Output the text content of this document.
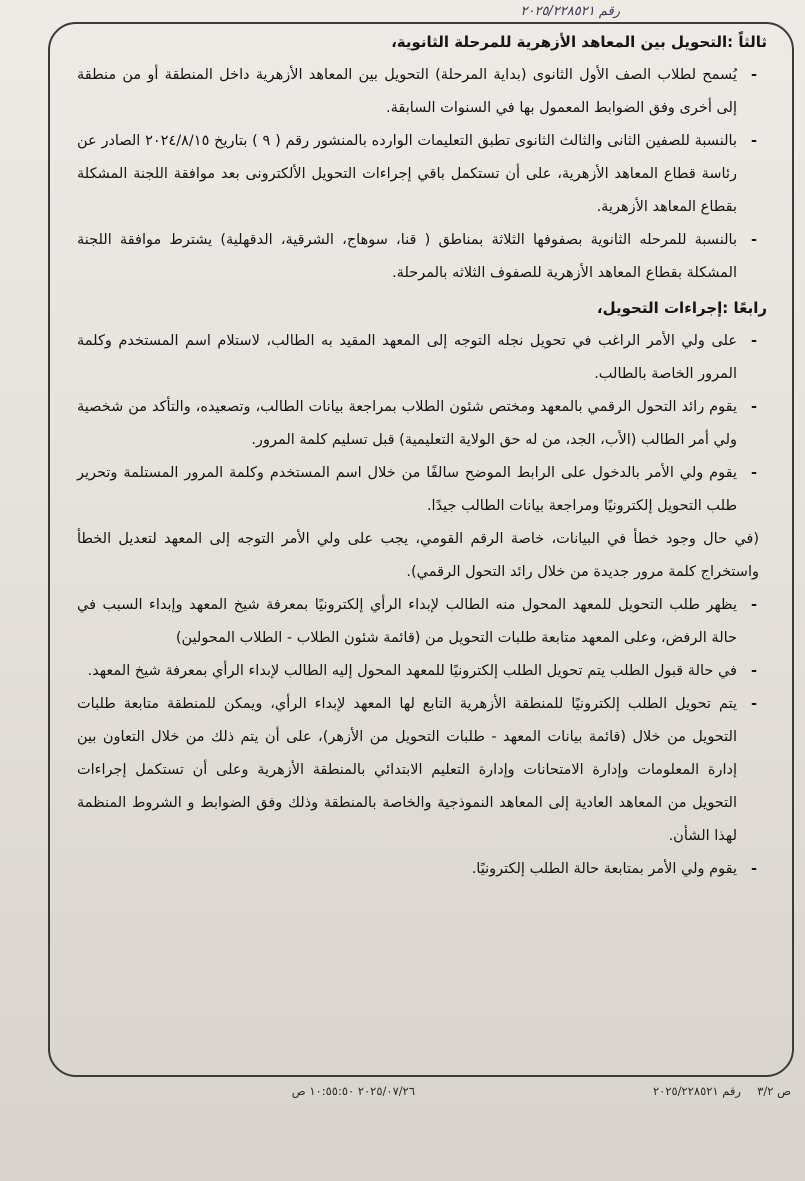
رقم ٢٠٢٥/٢٢٨٥٢١

ثالثاً :التحويل بين المعاهد الأزهرية للمرحلة الثانوية،

-
يُسمح لطلاب الصف الأول الثانوى (بداية المرحلة) التحويل بين المعاهد الأزهرية داخل المنطقة أو من منطقة إلى أخرى وفق الضوابط المعمول بها في السنوات السابقة.

-
بالنسبة للصفين الثانى والثالث الثانوى تطبق التعليمات الوارده بالمنشور رقم ( ٩ ) بتاريخ ٢٠٢٤/٨/١٥ الصادر عن رئاسة قطاع المعاهد الأزهرية، على أن تستكمل باقي إجراءات التحويل الألكترونى بعد موافقة اللجنة المشكلة بقطاع المعاهد الأزهرية.

-
بالنسبة للمرحله الثانوية بصفوفها الثلاثة بمناطق ( قنا، سوهاج، الشرقية، الدقهلية) يشترط موافقة اللجنة المشكلة بقطاع المعاهد الأزهرية للصفوف الثلاثه بالمرحلة.

رابعًا :إجراءات التحويل،

-
على ولي الأمر الراغب في تحويل نجله التوجه إلى المعهد المقيد به الطالب، لاستلام اسم المستخدم وكلمة المرور الخاصة بالطالب.

-
يقوم رائد التحول الرقمي بالمعهد ومختص شئون الطلاب بمراجعة بيانات الطالب، وتصعيده، والتأكد من شخصية ولي أمر الطالب (الأب، الجد، من له حق الولاية التعليمية) قبل تسليم كلمة المرور.

-
يقوم ولي الأمر بالدخول على الرابط الموضح سالفًا من خلال اسم المستخدم وكلمة المرور المستلمة وتحرير طلب التحويل إلكترونيًا ومراجعة بيانات الطالب جيدًا.

(في حال وجود خطأ في البيانات، خاصة الرقم القومي، يجب على ولي الأمر التوجه إلى المعهد لتعديل الخطأ واستخراج كلمة مرور جديدة من خلال رائد التحول الرقمي).

-
يظهر طلب التحويل للمعهد المحول منه الطالب لإبداء الرأي إلكترونيًا بمعرفة شيخ المعهد وإبداء السبب في حالة الرفض، وعلى المعهد متابعة طلبات التحويل من (قائمة شئون الطلاب - الطلاب المحولين)

-
في حالة قبول الطلب يتم تحويل الطلب إلكترونيًا للمعهد المحول إليه الطالب لإبداء الرأي بمعرفة شيخ المعهد.

-
يتم تحويل الطلب إلكترونيًا للمنطقة الأزهرية التابع لها المعهد لإبداء الرأي، ويمكن للمنطقة متابعة طلبات التحويل من خلال (قائمة بيانات المعهد - طلبات التحويل من الأزهر)، على أن يتم ذلك من خلال التعاون بين إدارة المعلومات وإدارة الامتحانات وإدارة التعليم الابتدائي بالمنطقة الأزهرية وعلى أن تستكمل إجراءات التحويل من المعاهد العادية إلى المعاهد النموذجية والخاصة بالمنطقة وذلك وفق الضوابط و الشروط المنظمة لهذا الشأن.

-
يقوم ولي الأمر بمتابعة حالة الطلب إلكترونيًا.

ص ٣/٢
رقم ٢٠٢٥/٢٢٨٥٢١
٢٠٢٥/٠٧/٢٦ ١٠:٥٥:٥٠ ص
